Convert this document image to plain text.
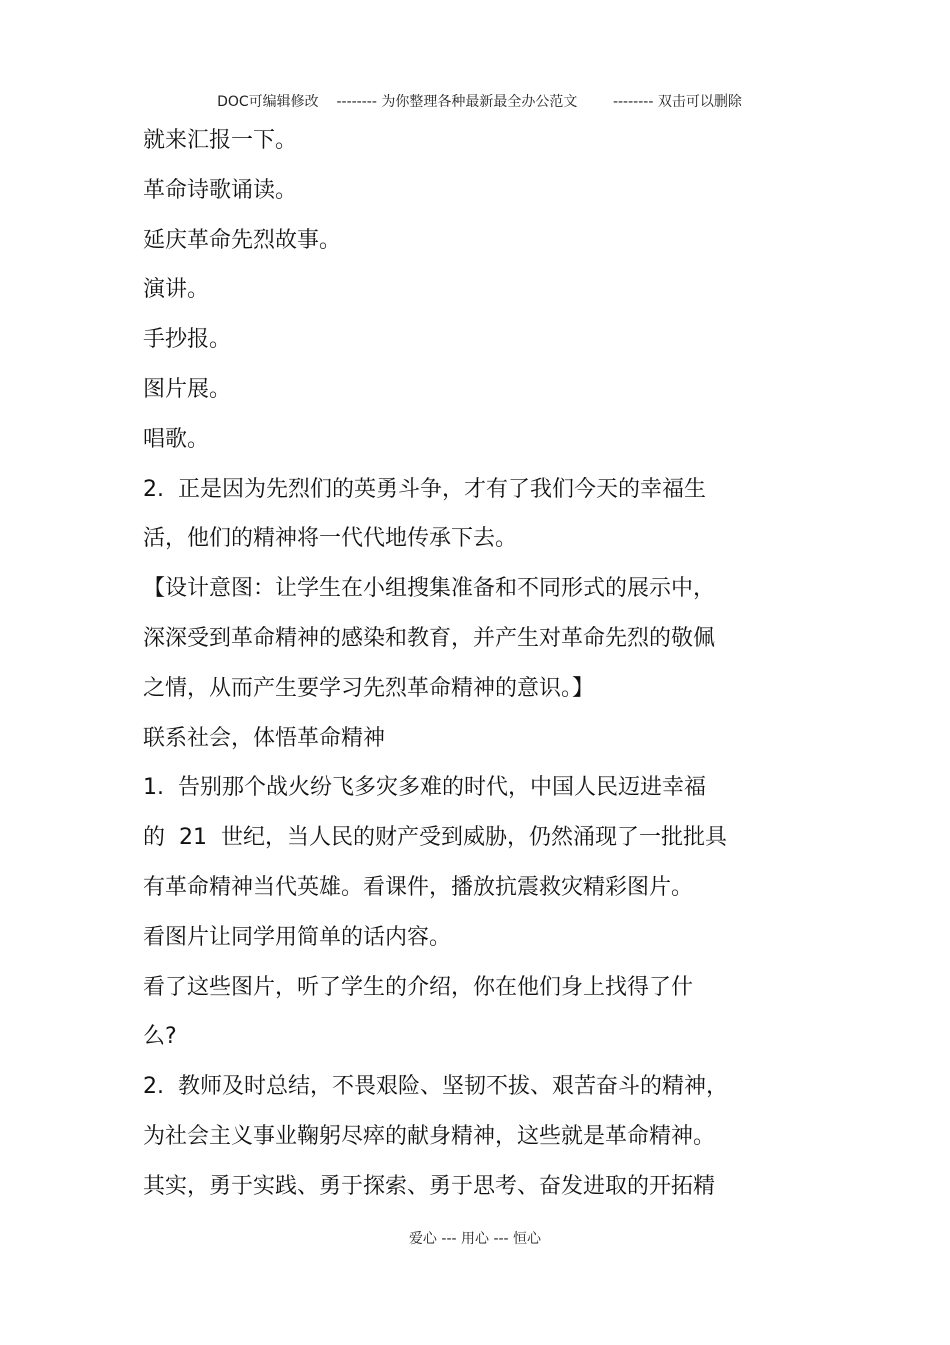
DOC可编辑修改 -------- 为你整理各种最新最全办公范文	-------- 双击可以删除

就来汇报一下。
革命诗歌诵读。
延庆革命先烈故事。
演讲。
手抄报。
图片展。
唱歌。
2.  正是因为先烈们的英勇斗争，才有了我们今天的幸福生
活，他们的精神将一代代地传承下去。
【设计意图：让学生在小组搜集准备和不同形式的展示中，
深深受到革命精神的感染和教育，并产生对革命先烈的敬佩
之情，从而产生要学习先烈革命精神的意识。】
联系社会，体悟革命精神
1.  告别那个战火纷飞多灾多难的时代，中国人民迈进幸福
的  21  世纪，当人民的财产受到威胁，仍然涌现了一批批具
有革命精神当代英雄。看课件，播放抗震救灾精彩图片。
看图片让同学用简单的话内容。
看了这些图片，听了学生的介绍，你在他们身上找得了什
么?
2.  教师及时总结，不畏艰险、坚韧不拔、艰苦奋斗的精神，
为社会主义事业鞠躬尽瘁的献身精神，这些就是革命精神。
其实，勇于实践、勇于探索、勇于思考、奋发进取的开拓精
爱心 --- 用心 --- 恒心
